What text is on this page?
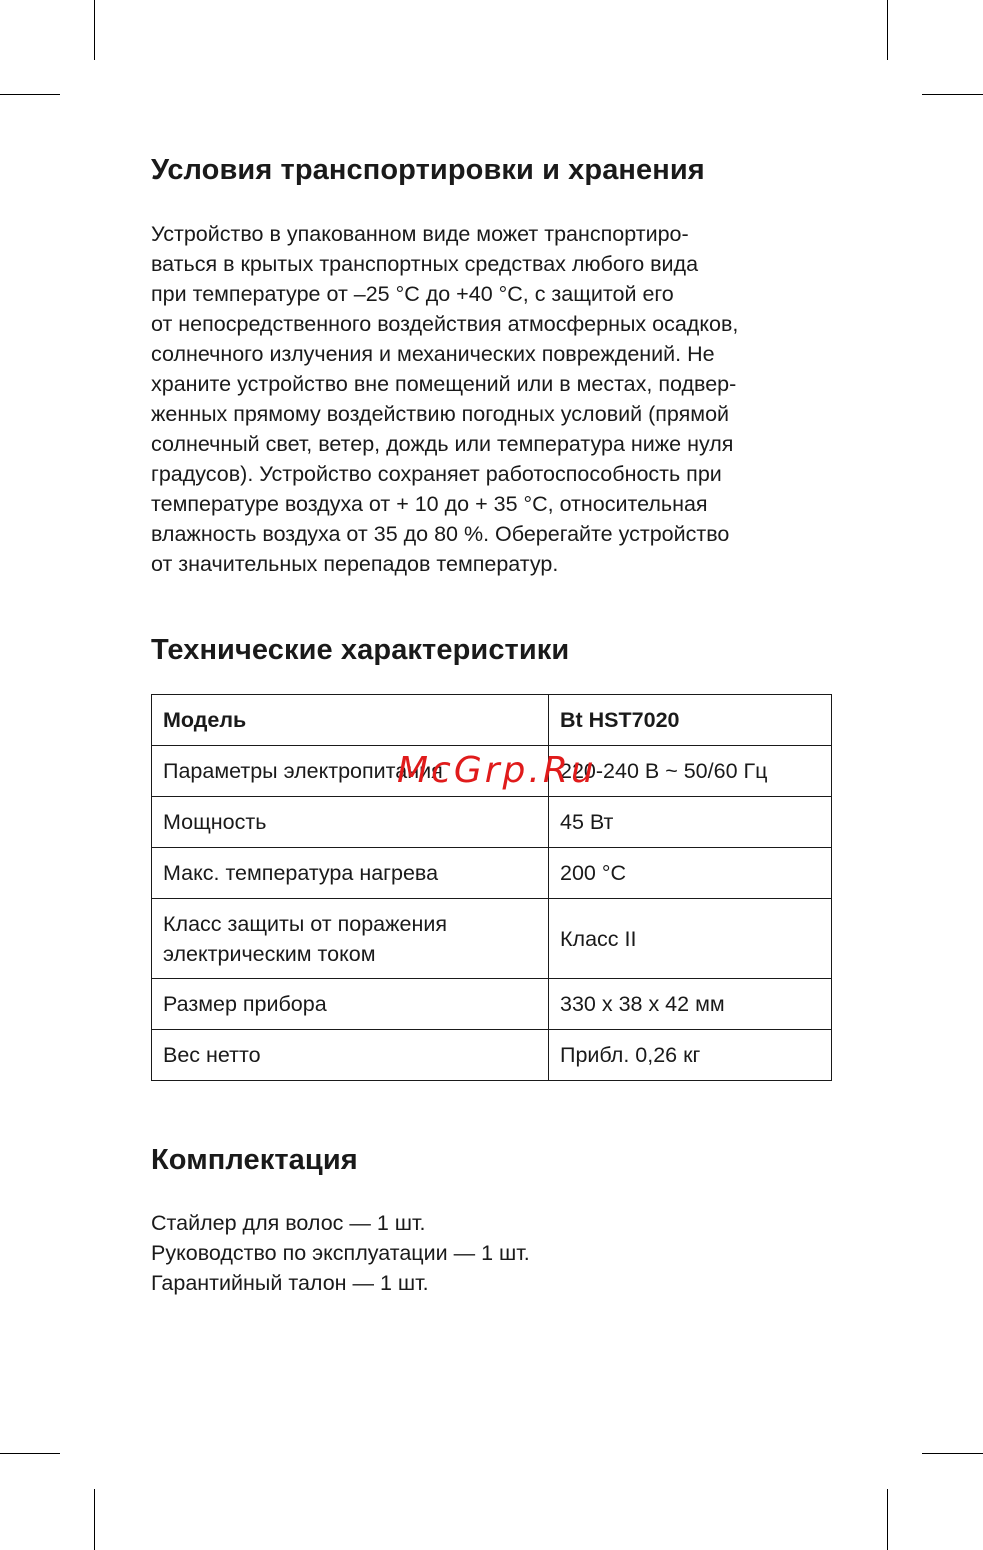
Условия транспортировки и хранения
Устройство в упакованном виде может транспортиро-
ваться в крытых транспортных средствах любого вида
при температуре от –25 °C до +40 °C, с защитой его
от непосредственного воздействия атмосферных осадков,
солнечного излучения и механических повреждений. Не
храните устройство вне помещений или в местах, подвер-
женных прямому воздействию погодных условий (прямой
солнечный свет, ветер, дождь или температура ниже нуля
градусов). Устройство сохраняет работоспособность при
температуре воздуха от + 10 до + 35 °C, относительная
влажность воздуха от 35 до 80 %. Оберегайте устройство
от значительных перепадов температур.
Технические характеристики
Модель	Bt HST7020

Параметры электропитания	220-240 В ~ 50/60 Гц

Мощность	45 Вт

Макс. температура нагрева	200 °C

Класс защиты от поражения
электрическим током	Класс II

Размер прибора	330 х 38 х 42 мм

Вес нетто	Прибл. 0,26 кг
Комплектация
Стайлер для волос — 1 шт.
Руководство по эксплуатации — 1 шт.
Гарантийный талон — 1 шт.
McGrp.Ru
